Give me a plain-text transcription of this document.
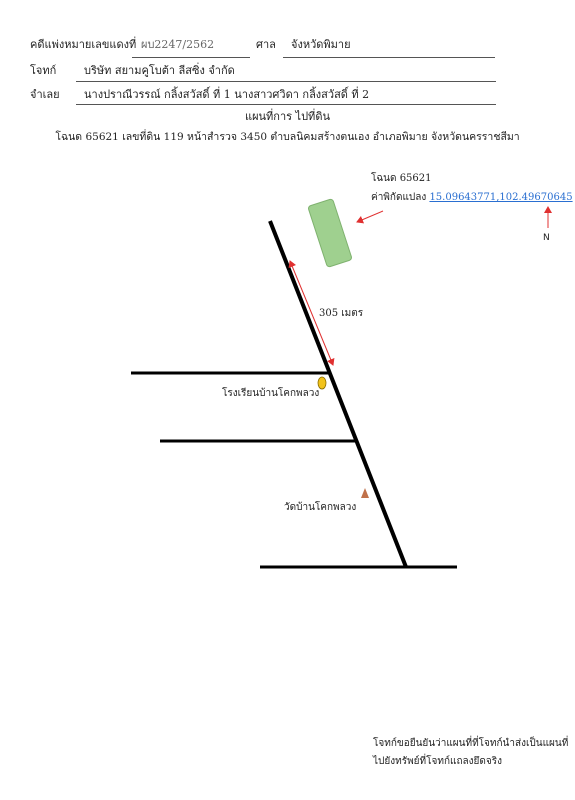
คดีแพ่งหมายเลขแดงที่ ผบ2247/2562	ศาล จังหวัดพิมาย
โจทก์	บริษัท สยามคูโบต้า ลีสซิ่ง จำกัด
จำเลย นางปราณีวรรณ์ กลิ้งสวัสดิ์ ที่ 1 นางสาวศวิดา กลิ้งสวัสดิ์ ที่ 2
แผนที่การ ไปที่ดิน
โฉนด 65621 เลขที่ดิน 119 หน้าสำรวจ 3450 ตำบลนิคมสร้างตนเอง อำเภอพิมาย จังหวัดนครราชสีมา
โฉนด 65621
ค่าพิกัดแปลง 15.09643771,102.49670645
N
305 เมตร
โรงเรียนบ้านโคกพลวง
วัดบ้านโคกพลวง
โจทก์ขอยืนยันว่าแผนที่ที่โจทก์นำส่งเป็นแผนที่
ไปยังทรัพย์ที่โจทก์แถลงยึดจริง
